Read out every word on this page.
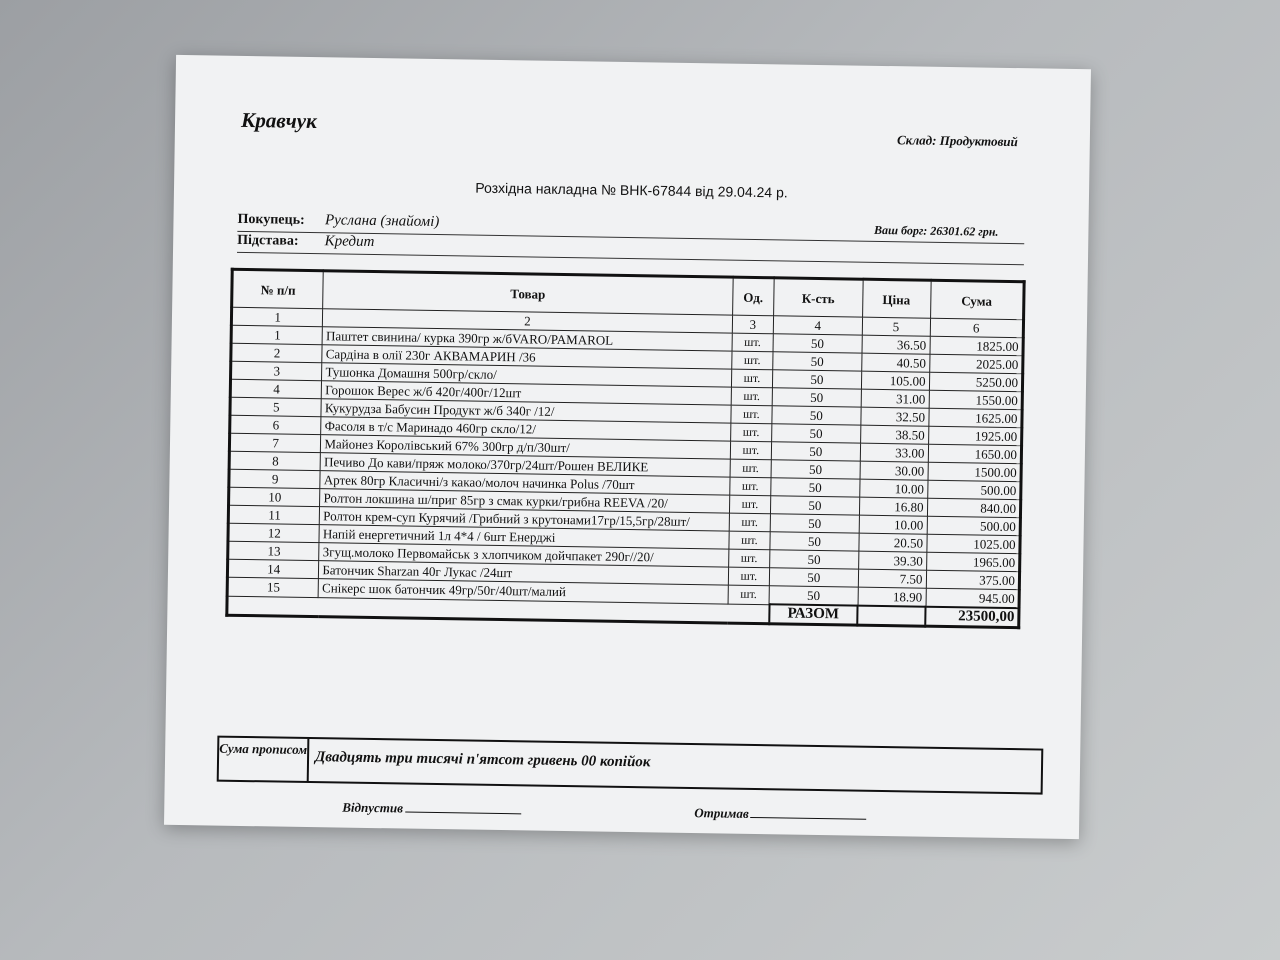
Кравчук
Склад: Продуктовий
Розхідна накладна № ВНК-67844 від 29.04.24 р.
Покупець: Руслана (знайомі)
Ваш борг: 26301.62 грн.
Підстава: Кредит
№ п/п	Товар	Од.	К-сть	Ціна	Сума
1	2	3	4	5	6
1	Паштет свинина/ курка 390гр ж/бVARO/PAMAROL	шт.	50	36.50	1825.00
2	Сардіна в олії 230г АКВАМАРИН /36	шт.	50	40.50	2025.00
3	Тушонка Домашня 500гр/скло/	шт.	50	105.00	5250.00
4	Горошок Верес ж/б 420г/400г/12шт	шт.	50	31.00	1550.00
5	Кукурудза Бабусин Продукт ж/б 340г /12/	шт.	50	32.50	1625.00
6	Фасоля в т/с Маринадо 460гр скло/12/	шт.	50	38.50	1925.00
7	Майонез Королівський 67% 300гр д/п/30шт/	шт.	50	33.00	1650.00
8	Печиво До кави/пряж молоко/370гр/24шт/Рошен ВЕЛИКЕ	шт.	50	30.00	1500.00
9	Артек 80гр Класичні/з какао/молоч начинка Polus /70шт	шт.	50	10.00	500.00
10	Ролтон локшина ш/приг 85гр з смак курки/грибна REEVA /20/	шт.	50	16.80	840.00
11	Ролтон крем-суп Курячий /Грибний з крутонами17гр/15,5гр/28шт/	шт.	50	10.00	500.00
12	Напій енергетичний 1л 4*4 / 6шт Енерджі	шт.	50	20.50	1025.00
13	Згущ.молоко Первомайськ з хлопчиком дойчпакет 290г//20/	шт.	50	39.30	1965.00
14	Батончик Sharzan 40г Лукас /24шт	шт.	50	7.50	375.00
15	Снікерс шок батончик 49гр/50г/40шт/малий	шт.	50	18.90	945.00
			РАЗОМ		23500,00
Сума прописом
Двадцять три тисячі п'ятсот гривень 00 копійок
Відпустив	Отримав
